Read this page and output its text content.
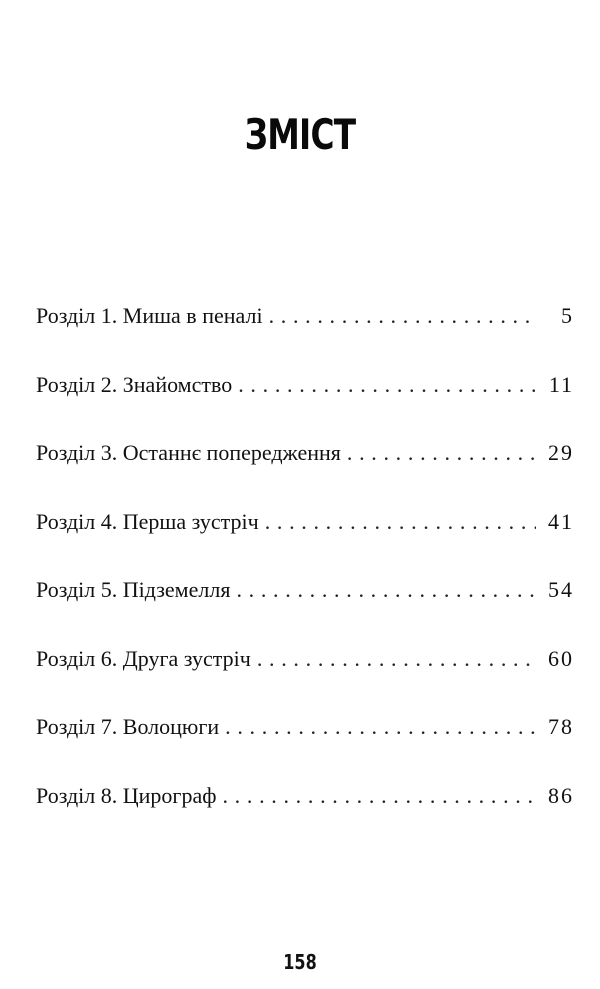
ЗМІСТ
Розділ 1. Миша в пеналі . . .	5
Розділ 2. Знайомство . . .	11
Розділ 3. Останнє попередження . . .	29
Розділ 4. Перша зустріч . . .	41
Розділ 5. Підземелля . . .	54
Розділ 6. Друга зустріч . . .	60
Розділ 7. Волоцюги . . .	78
Розділ 8. Цирограф . . .	86
158
